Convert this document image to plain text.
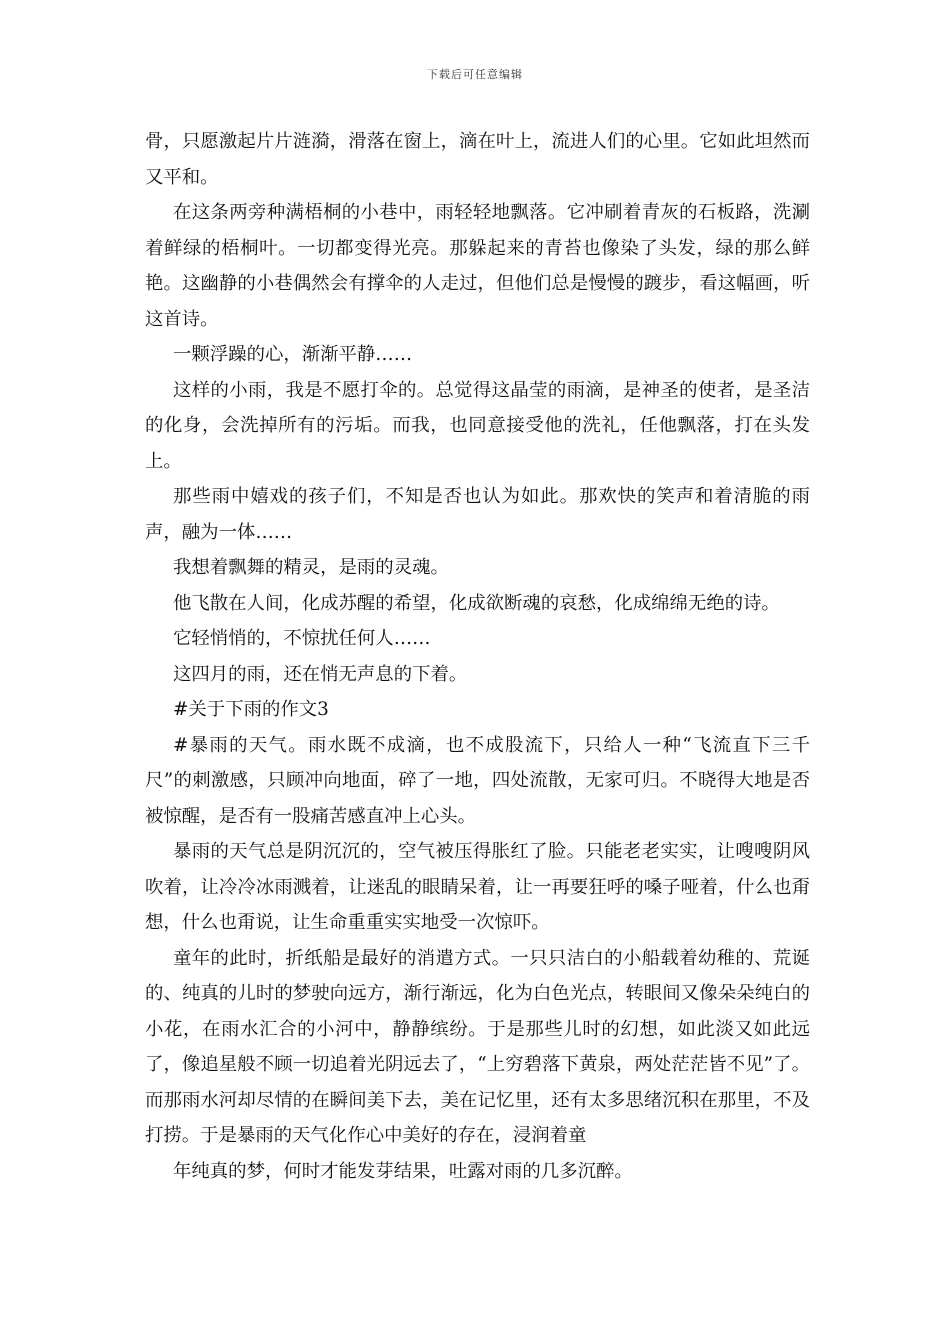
下载后可任意编辑

骨，只愿激起片片涟漪，滑落在窗上，滴在叶上，流进人们的心里。它如此坦然而又平和。

在这条两旁种满梧桐的小巷中，雨轻轻地飘落。它冲刷着青灰的石板路，洗涮着鲜绿的梧桐叶。一切都变得光亮。那躲起来的青苔也像染了头发，绿的那么鲜艳。这幽静的小巷偶然会有撑伞的人走过，但他们总是慢慢的踱步，看这幅画，听这首诗。

一颗浮躁的心，渐渐平静……

这样的小雨，我是不愿打伞的。总觉得这晶莹的雨滴，是神圣的使者，是圣洁的化身，会洗掉所有的污垢。而我，也同意接受他的洗礼，任他飘落，打在头发上。

那些雨中嬉戏的孩子们，不知是否也认为如此。那欢快的笑声和着清脆的雨声，融为一体……

我想着飘舞的精灵，是雨的灵魂。

他飞散在人间，化成苏醒的希望，化成欲断魂的哀愁，化成绵绵无绝的诗。

它轻悄悄的，不惊扰任何人……

这四月的雨，还在悄无声息的下着。

#关于下雨的作文3

#暴雨的天气。雨水既不成滴，也不成股流下，只给人一种“飞流直下三千尺”的刺激感，只顾冲向地面，碎了一地，四处流散，无家可归。不晓得大地是否被惊醒，是否有一股痛苦感直冲上心头。

暴雨的天气总是阴沉沉的，空气被压得胀红了脸。只能老老实实，让嗖嗖阴风吹着，让冷冷冰雨溅着，让迷乱的眼睛呆着，让一再要狂呼的嗓子哑着，什么也甭想，什么也甭说，让生命重重实实地受一次惊吓。

童年的此时，折纸船是最好的消遣方式。一只只洁白的小船载着幼稚的、荒诞的、纯真的儿时的梦驶向远方，渐行渐远，化为白色光点，转眼间又像朵朵纯白的小花，在雨水汇合的小河中，静静缤纷。于是那些儿时的幻想，如此淡又如此远了，像追星般不顾一切追着光阴远去了，“上穷碧落下黄泉，两处茫茫皆不见”了。而那雨水河却尽情的在瞬间美下去，美在记忆里，还有太多思绪沉积在那里，不及打捞。于是暴雨的天气化作心中美好的存在，浸润着童

年纯真的梦，何时才能发芽结果，吐露对雨的几多沉醉。
